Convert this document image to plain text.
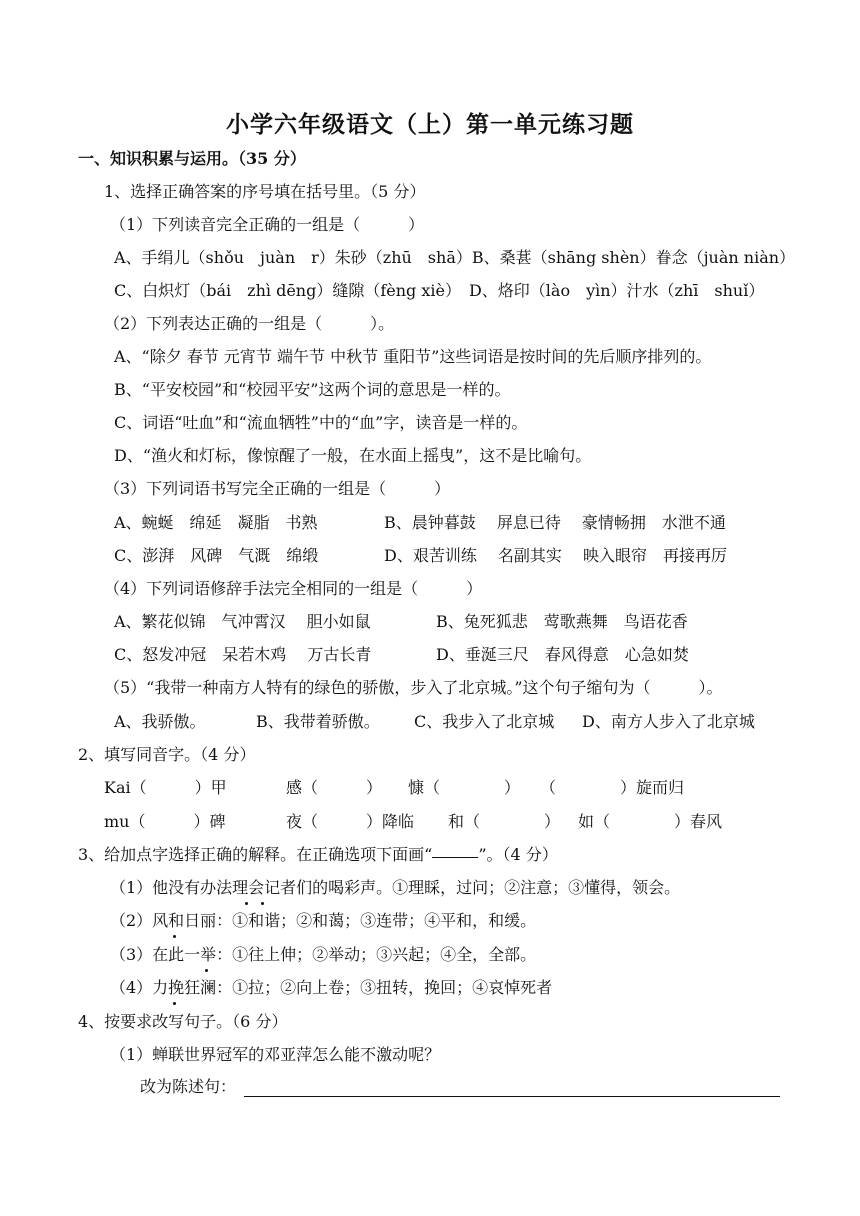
小学六年级语文（上）第一单元练习题
一、知识积累与运用。（35 分）
1、选择正确答案的序号填在括号里。（5 分）
（1）下列读音完全正确的一组是（　　　）
A、手绢儿（shǒu　juàn　r）朱砂（zhū　shā）B、桑葚（shāng shèn）眷念（juàn niàn）
C、白炽灯（bái　zhì dēng）缝隙（fèng xiè）　D、烙印（lào　yìn）汁水（zhī　shuǐ）
（2）下列表达正确的一组是（　　　）。
A、“除夕 春节 元宵节 端午节 中秋节 重阳节”这些词语是按时间的先后顺序排列的。
B、“平安校园”和“校园平安”这两个词的意思是一样的。
C、词语“吐血”和“流血牺牲”中的“血”字，读音是一样的。
D、“渔火和灯标，像惊醒了一般，在水面上摇曳”，这不是比喻句。
（3）下列词语书写完全正确的一组是（　　　）
A、蜿蜒　绵延　凝脂　书熟	B、晨钟暮鼓　 屏息已待　 豪情畅拥　水泄不通
C、澎湃　风碑　气溉　绵缎	D、艰苦训练　 名副其实　 映入眼帘　再接再厉
（4）下列词语修辞手法完全相同的一组是（　　　）
A、繁花似锦　气冲霄汉　 胆小如鼠	B、兔死狐悲　莺歌燕舞　鸟语花香
C、怒发冲冠　呆若木鸡　 万古长青	D、垂涎三尺　春风得意　心急如焚
（5）“我带一种南方人特有的绿色的骄傲，步入了北京城。”这个句子缩句为（　　　）。
A、我骄傲。	B、我带着骄傲。 C、我步入了北京城 D、南方人步入了北京城
2、填写同音字。（4 分）
Kai（　　　）甲	感（　　　） 慷（　　　　） （　　　　）旋而归
mu（　　　）碑	夜（　　　）降临 和（　　　　） 如（　　　　）春风
3、给加点字选择正确的解释。在正确选项下面画“	”。（4 分）
（1）他没有办法理会记者们的喝彩声。①理睬，过问；②注意；③懂得，领会。
（2）风和日丽：①和谐；②和蔼；③连带；④平和，和缓。
（3）在此一举：①往上伸；②举动；③兴起；④全，全部。
（4）力挽狂澜：①拉；②向上卷；③扭转，挽回；④哀悼死者
4、按要求改写句子。（6 分）
（1）蝉联世界冠军的邓亚萍怎么能不激动呢？
改为陈述句：
